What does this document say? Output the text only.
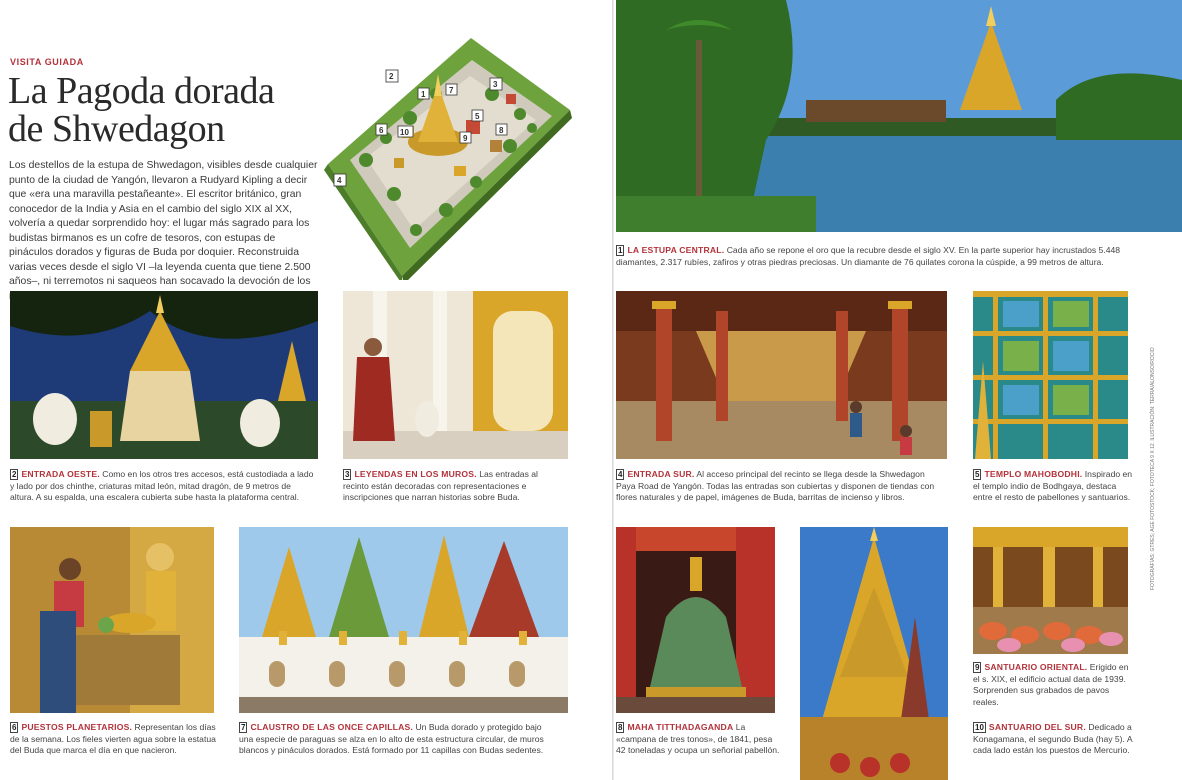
VISITA GUIADA
La Pagoda dorada
de Shwedagon
4
2
1	7
3
5
6 10
9
8

Los destellos de la estupa de Shwedagon, visibles desde cualquier punto de la ciudad de Yangón, llevaron a Rudyard Kipling a decir que «era una maravilla pestañeante». El escritor británico, gran conocedor de la India y Asia en el cambio del siglo XIX al XX, volvería a quedar sorprendido hoy: el lugar más sagrado para los budistas birmanos es un cofre de tesoros, con estupas de pináculos dorados y figuras de Buda por doquier. Reconstruida varias veces desde el siglo VI –la leyenda cuenta que tiene 2.500 años–, ni terremotos ni saqueos han socavado la devoción de los

2 ENTRADA OESTE. Como en los otros tres accesos, está custodiada a lado y lado por dos chinthe, criaturas mitad león, mitad dragón, de 9 metros de altura. A su espalda, una escalera cubierta sube hasta la plataforma central.

3 LEYENDAS EN LOS MUROS. Las entradas al recinto están decoradas con representaciones e inscripciones que narran historias sobre Buda.

6 PUESTOS PLANETARIOS. Representan los días de la semana. Los fieles vierten agua sobre la estatua del Buda que marca el día en que nacieron.

7 CLAUSTRO DE LAS ONCE CAPILLAS. Un Buda dorado y protegido bajo una especie de paraguas se alza en lo alto de esta estructura circular, de muros blancos y pináculos dorados. Está formado por 11 capillas con Budas sedentes.

1 LA ESTUPA CENTRAL. Cada año se repone el oro que la recubre desde el siglo XV. En la parte superior hay incrustados 5.448 diamantes, 2.317 rubíes, zafiros y otras piedras preciosas. Un diamante de 76 quilates corona la cúspide, a 99 metros de altura.

4 ENTRADA SUR. Al acceso principal del recinto se llega desde la Shwedagon Paya Road de Yangón. Todas las entradas son cubiertas y disponen de tiendas con flores naturales y de papel, imágenes de Buda, barritas de incienso y libros.

5 TEMPLO MAHOBODHI. Inspirado en el templo indio de Bodhgaya, destaca entre el resto de pabellones y santuarios.

8 MAHA TITTHADAGANDA La «campana de tres tonos», de 1841, pesa 42 toneladas y ocupa un señorial pabellón.

9 SANTUARIO ORIENTAL. Erigido en el s. XIX, el edificio actual data de 1939. Sorprenden sus grabados de pavos reales.

10 SANTUARIO DEL SUR. Dedicado a Konagamana, el segundo Buda (hay 5). A cada lado están los puestos de Mercurio.

FOTOGRAFÍAS: GTRES; AGE FOTOSTOCK; FOTOTECA 9 X 12. ILUSTRACIÓN: TERRA/ALONSO/ROCIO
